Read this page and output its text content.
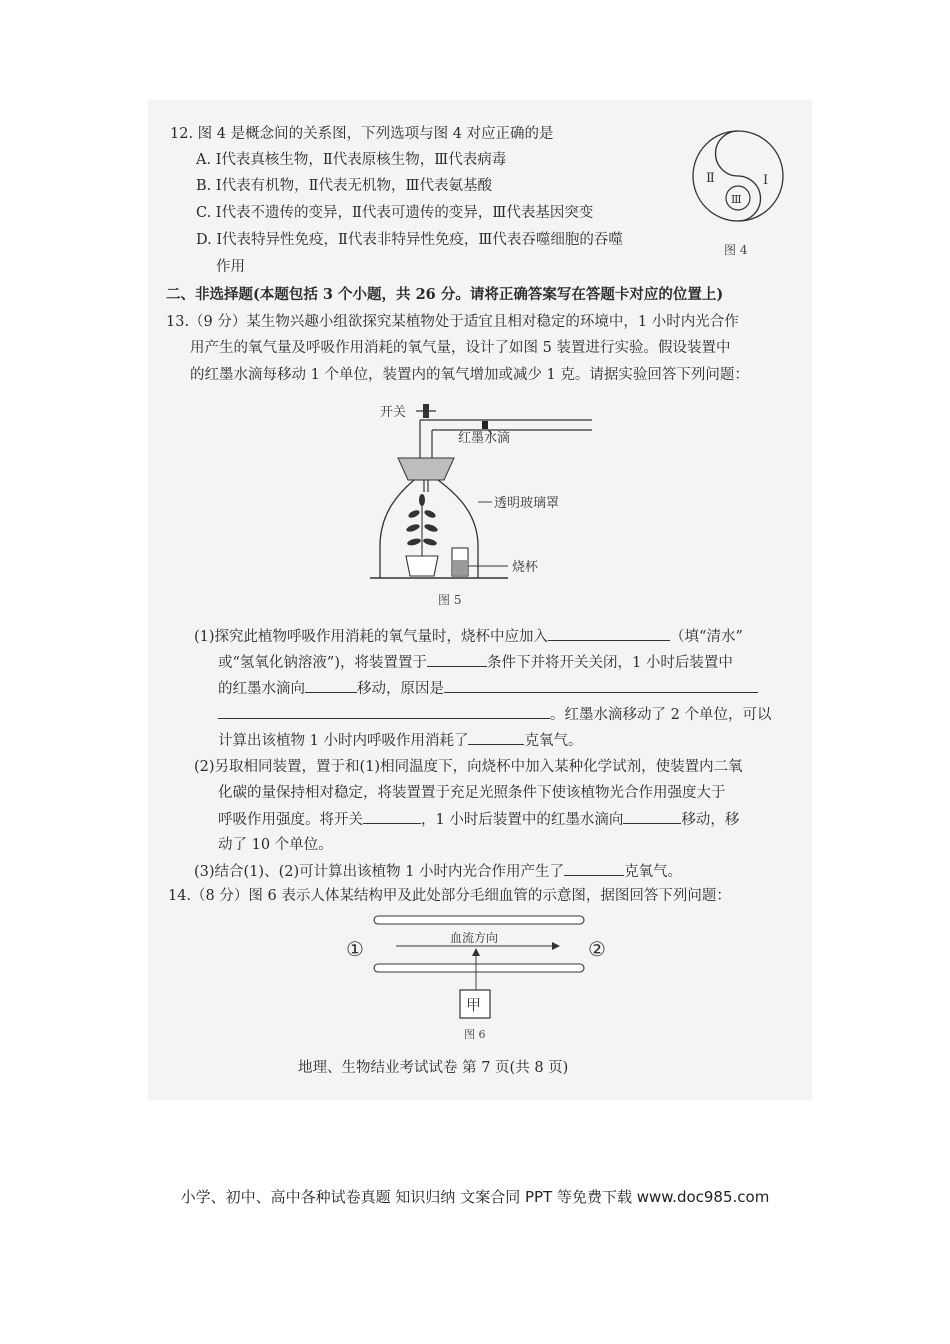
12. 图 4 是概念间的关系图，下列选项与图 4 对应正确的是
A. Ⅰ代表真核生物，Ⅱ代表原核生物，Ⅲ代表病毒
B. Ⅰ代表有机物，Ⅱ代表无机物，Ⅲ代表氨基酸
C. Ⅰ代表不遗传的变异，Ⅱ代表可遗传的变异，Ⅲ代表基因突变
D. Ⅰ代表特异性免疫，Ⅱ代表非特异性免疫，Ⅲ代表吞噬细胞的吞噬
作用
Ⅱ	Ⅰ
Ⅲ
图 4
二、非选择题(本题包括 3 个小题，共 26 分。请将正确答案写在答题卡对应的位置上)
13.（9 分）某生物兴趣小组欲探究某植物处于适宜且相对稳定的环境中，1 小时内光合作
用产生的氧气量及呼吸作用消耗的氧气量，设计了如图 5 装置进行实验。假设装置中
的红墨水滴每移动 1 个单位，装置内的氧气增加或减少 1 克。请据实验回答下列问题：
开关
红墨水滴
透明玻璃罩
烧杯
图 5
(1)探究此植物呼吸作用消耗的氧气量时，烧杯中应加入	（填“清水”
或“氢氧化钠溶液”)，将装置置于	条件下并将开关关闭，1 小时后装置中
的红墨水滴向	移动，原因是
。红墨水滴移动了 2 个单位，可以
计算出该植物 1 小时内呼吸作用消耗了	克氧气。
(2)另取相同装置，置于和(1)相同温度下，向烧杯中加入某种化学试剂，使装置内二氧
化碳的量保持相对稳定，将装置置于充足光照条件下使该植物光合作用强度大于
呼吸作用强度。将开关	，1 小时后装置中的红墨水滴向	移动，移
动了 10 个单位。
(3)结合(1)、(2)可计算出该植物 1 小时内光合作用产生了	克氧气。
14.（8 分）图 6 表示人体某结构甲及此处部分毛细血管的示意图，据图回答下列问题：
①	②
血流方向
甲
图 6
地理、生物结业考试试卷 第 7 页(共 8 页)
小学、初中、高中各种试卷真题 知识归纳 文案合同 PPT 等免费下载 www.doc985.com
